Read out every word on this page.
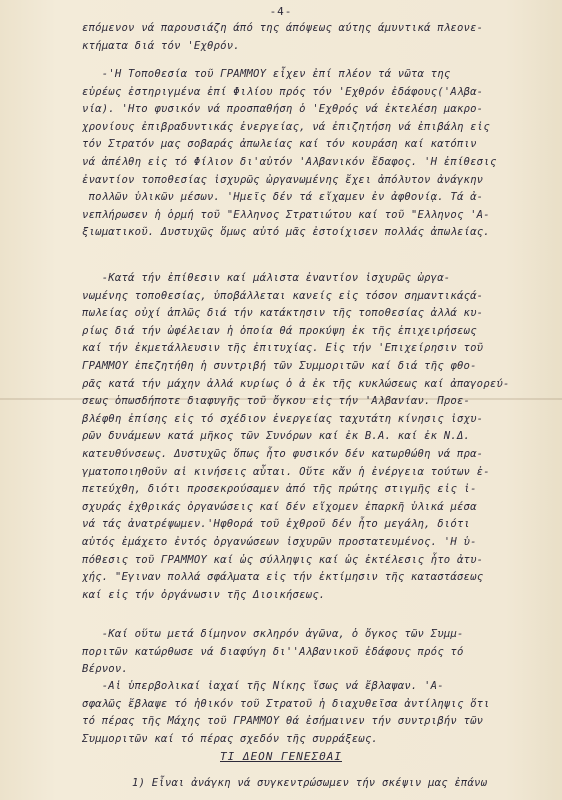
-4-
επόμενον νά παρουσιάζη άπό της άπόψεως αύτης άμυντικά πλεονε-
κτήματα διά τόν 'Εχθρόν.
-'Η Τοποθεσία τοῦ ΓΡΑΜΜΟΥ εἶχεν ἐπί πλέον τά νῶτα της
εὐρέως ἐστηριγμένα ἐπί Φιλίου πρός τόν 'Εχθρόν ἐδάφους('Αλβα-
νία). 'Ητο φυσικόν νά προσπαθήση ὁ 'Εχθρός νά ἐκτελέση μακρο-
χρονίους ἐπιβραδυντικάς ἐνεργείας, νά ἐπιζητήση νά ἐπιβάλη εἰς
τόν Στρατόν μας σοβαράς ἀπωλείας καί τόν κουράση καί κατόπιν
νά ἀπέλθη εἰς τό Φίλιον δι'αὐτόν 'Αλβανικόν ἔδαφος. 'Η ἐπίθεσις
ἐναντίον τοποθεσίας ἰσχυρῶς ὠργανωμένης ἔχει ἀπόλυτον ἀνάγκην
πολλῶν ὑλικῶν μέσων. 'Ημεῖς δέν τά εἴχαμεν ἐν ἀφθονίᾳ. Τά ἀ-
νεπλήρωσεν ἡ ὁρμή τοῦ "Ελληνος Στρατιώτου καί τοῦ "Ελληνος 'Α-
ξιωματικοῦ. Δυστυχῶς ὅμως αὐτό μᾶς ἐστοίχισεν πολλάς ἀπωλείας.
-Κατά τήν ἐπίθεσιν καί μάλιστα ἐναντίον ἰσχυρῶς ὠργα-
νωμένης τοποθεσίας, ὑποβάλλεται κανείς εἰς τόσον σημαντικάςά-
πωλείας οὐχί ἁπλῶς διά τήν κατάκτησιν τῆς τοποθεσίας ἀλλά κυ-
ρίως διά τήν ὠφέλειαν ἡ ὁποία θά προκύψη ἐκ τῆς ἐπιχειρήσεως
καί τήν ἐκμετάλλευσιν τῆς ἐπιτυχίας. Εἰς τήν 'Επιχείρησιν τοῦ
ΓΡΑΜΜΟΥ ἐπεζητήθη ἡ συντριβή τῶν Συμμοριτῶν καί διά τῆς φθο-
ρᾶς κατά τήν μάχην ἀλλά κυρίως ὁ ἀ ἐκ τῆς κυκλώσεως καί ἀπαγορεύ-
σεως ὁπωσδήποτε διαφυγῆς τοῦ ὄγκου εἰς τήν 'Αλβανίαν. Προε-
βλέφθη ἐπίσης εἰς τό σχέδιον ἐνεργείας ταχυτάτη κίνησις ἰσχυ-
ρῶν δυνάμεων κατά μῆκος τῶν Συνόρων καί ἐκ Β.Α. καί ἐκ Ν.Δ.
κατευθύνσεως. Δυστυχῶς ὅπως ἦτο φυσικόν δέν κατωρθώθη νά πρα-
γματοποιηθοῦν αἱ κινήσεις αὗται. Οὔτε κἄν ἡ ἐνέργεια τούτων ἐ-
πετεύχθη, διότι προσεκρούσαμεν ἀπό τῆς πρώτης στιγμῆς εἰς ἰ-
σχυράς ἐχθρικάς ὀργανώσεις καί δέν εἴχομεν ἐπαρκῆ ὑλικά μέσα
νά τάς ἀνατρέψωμεν.'Ηφθορά τοῦ ἐχθροῦ δέν ἦτο μεγάλη, διότι
αὐτός ἐμάχετο ἐντός ὀργανώσεων ἰσχυρῶν προστατευμένος. 'Η ὑ-
πόθεσις τοῦ ΓΡΑΜΜΟΥ καί ὡς σύλληψις καί ὡς ἐκτέλεσις ἦτο ἀτυ-
χής. "Εγιναν πολλά σφάλματα εἰς τήν ἐκτίμησιν τῆς καταστάσεως
καί εἰς τήν ὀργάνωσιν τῆς Διοικήσεως.
-Καί οὕτω μετά δίμηνον σκληρόν ἀγῶνα, ὁ ὄγκος τῶν Συμμ-
ποριτῶν κατώρθωσε νά διαφύγη δι''Αλβανικοῦ ἐδάφους πρός τό
Βέρνον.
-Αἱ ὑπερβολικαί ἰαχαί τῆς Νίκης ἴσως νά ἔβλαψαν. 'Α-
σφαλῶς ἔβλαψε τό ἠθικόν τοῦ Στρατοῦ ἡ διαχυθεῖσα ἀντίληψις ὅτι
τό πέρας τῆς Μάχης τοῦ ΓΡΑΜΜΟΥ θά ἐσήμαινεν τήν συντριβήν τῶν
Συμμοριτῶν καί τό πέρας σχεδόν τῆς συρράξεως.
ΤΙ ΔΕΟΝ ΓΕΝΕΣΘΑΙ
1) Εἶναι ἀνάγκη νά συγκεντρώσωμεν τήν σκέψιν μας ἐπάνω
